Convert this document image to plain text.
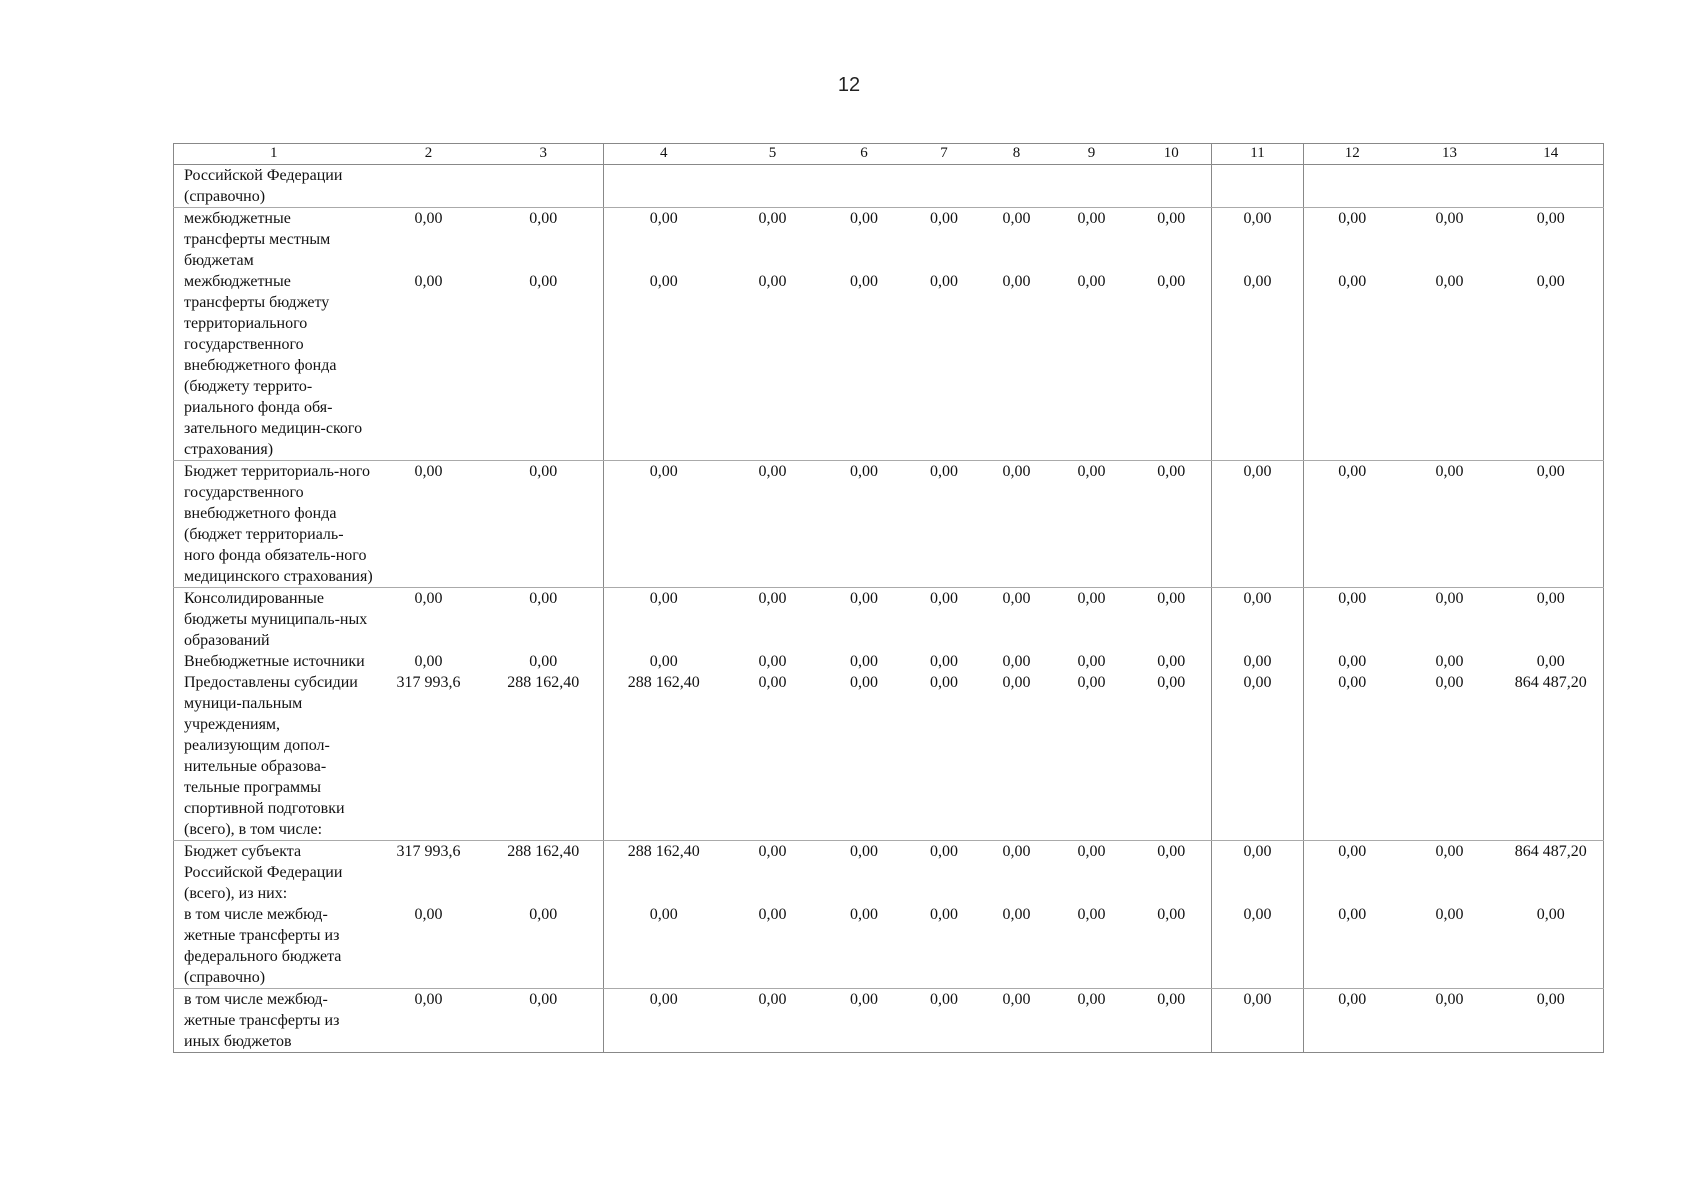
12
1	2	3	4	5	6	7	8	9	10	11	12	13	14
Российской Федерации (справочно)													
межбюджетные трансферты местным бюджетам	0,00	0,00	0,00	0,00	0,00	0,00	0,00	0,00	0,00	0,00	0,00	0,00	0,00
межбюджетные трансферты бюджету территориального государственного внебюджетного фонда (бюджету террито-риального фонда обя-зательного медицин-ского страхования)	0,00	0,00	0,00	0,00	0,00	0,00	0,00	0,00	0,00	0,00	0,00	0,00	0,00
Бюджет территориаль-ного государственного внебюджетного фонда (бюджет территориаль-ного фонда обязатель-ного медицинского страхования)	0,00	0,00	0,00	0,00	0,00	0,00	0,00	0,00	0,00	0,00	0,00	0,00	0,00
Консолидированные бюджеты муниципаль-ных образований	0,00	0,00	0,00	0,00	0,00	0,00	0,00	0,00	0,00	0,00	0,00	0,00	0,00
Внебюджетные источники	0,00	0,00	0,00	0,00	0,00	0,00	0,00	0,00	0,00	0,00	0,00	0,00	0,00
Предоставлены субсидии муници-пальным учреждениям, реализующим допол-нительные образова-тельные программы спортивной подготовки (всего), в том числе:	317 993,6	288 162,40	288 162,40	0,00	0,00	0,00	0,00	0,00	0,00	0,00	0,00	0,00	864 487,20
Бюджет субъекта Российской Федерации (всего), из них:	317 993,6	288 162,40	288 162,40	0,00	0,00	0,00	0,00	0,00	0,00	0,00	0,00	0,00	864 487,20
в том числе межбюд-жетные трансферты из федерального бюджета (справочно)	0,00	0,00	0,00	0,00	0,00	0,00	0,00	0,00	0,00	0,00	0,00	0,00	0,00
в том числе межбюд-жетные трансферты из иных бюджетов	0,00	0,00	0,00	0,00	0,00	0,00	0,00	0,00	0,00	0,00	0,00	0,00	0,00
